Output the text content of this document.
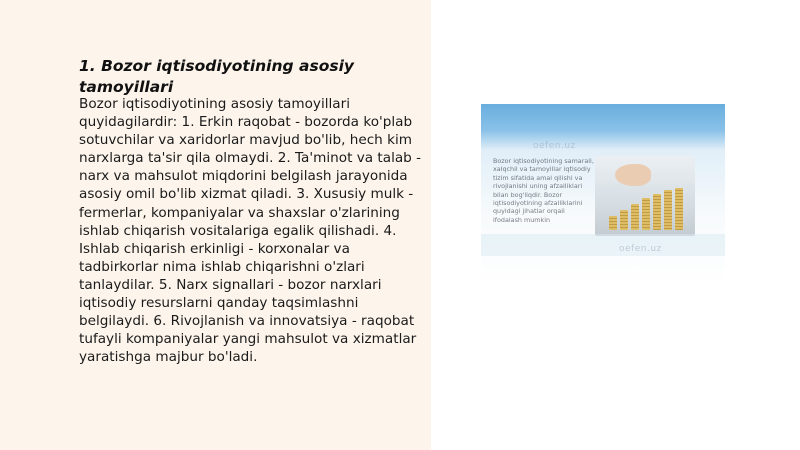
1. Bozor iqtisodiyotining asosiy tamoyillari

Bozor iqtisodiyotining asosiy tamoyillari quyidagilardir: 1. Erkin raqobat - bozorda ko'plab sotuvchilar va xaridorlar mavjud bo'lib, hech kim narxlarga ta'sir qila olmaydi. 2. Ta'minot va talab - narx va mahsulot miqdorini belgilash jarayonida asosiy omil bo'lib xizmat qiladi. 3. Xususiy mulk - fermerlar, kompaniyalar va shaxslar o'zlarining ishlab chiqarish vositalariga egalik qilishadi. 4. Ishlab chiqarish erkinligi - korxonalar va tadbirkorlar nima ishlab chiqarishni o'zlari tanlaydilar. 5. Narx signallari - bozor narxlari iqtisodiy resurslarni qanday taqsimlashni belgilaydi. 6. Rivojlanish va innovatsiya - raqobat tufayli kompaniyalar yangi mahsulot va xizmatlar yaratishga majbur bo'ladi.

oefen.uz

Bozor iqtisodiyotining samarali, xalqchil va tamoyillar iqtisodiy tizim sifatida amal qilishi va rivojlanishi uning afzalliklari bilan bog'liqdir. Bozor iqtisodiyotining afzalliklarini quyidagi jihatlar orqali ifodalash mumkin

oefen.uz
